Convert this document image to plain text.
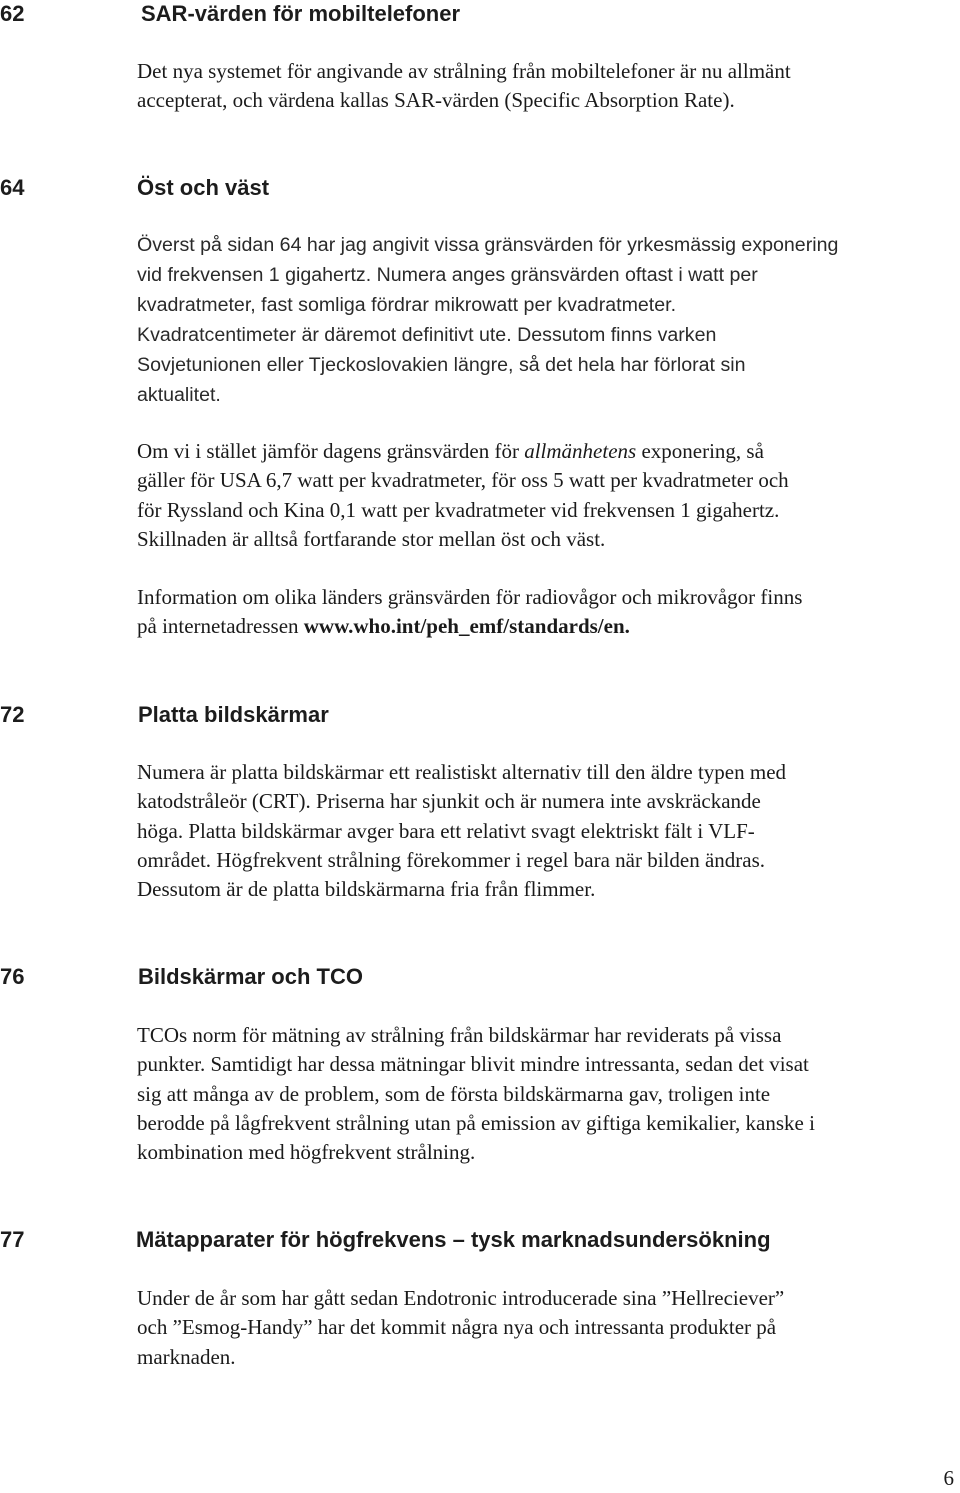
62	SAR-värden för mobiltelefoner

Det nya systemet för angivande av strålning från mobiltelefoner är nu allmänt
accepterat, och värdena kallas SAR-värden (Specific Absorption Rate).

64	Öst och väst

Överst på sidan 64 har jag angivit vissa gränsvärden för yrkesmässig exponering
vid frekvensen 1 gigahertz. Numera anges gränsvärden oftast i watt per
kvadratmeter, fast somliga fördrar mikrowatt per kvadratmeter.
Kvadratcentimeter är däremot definitivt ute. Dessutom finns varken
Sovjetunionen eller Tjeckoslovakien längre, så det hela har förlorat sin
aktualitet.

Om vi i stället jämför dagens gränsvärden för allmänhetens exponering, så
gäller för USA 6,7 watt per kvadratmeter, för oss 5 watt per kvadratmeter och
för Ryssland och Kina 0,1 watt per kvadratmeter vid frekvensen 1 gigahertz.
Skillnaden är alltså fortfarande stor mellan öst och väst.

Information om olika länders gränsvärden för radiovågor och mikrovågor finns
på internetadressen www.who.int/peh_emf/standards/en.

72	Platta bildskärmar

Numera är platta bildskärmar ett realistiskt alternativ till den äldre typen med
katodstråleör (CRT). Priserna har sjunkit och är numera inte avskräckande
höga. Platta bildskärmar avger bara ett relativt svagt elektriskt fält i VLF-
området. Högfrekvent strålning förekommer i regel bara när bilden ändras.
Dessutom är de platta bildskärmarna fria från flimmer.

76	Bildskärmar och TCO

TCOs norm för mätning av strålning från bildskärmar har reviderats på vissa
punkter. Samtidigt har dessa mätningar blivit mindre intressanta, sedan det visat
sig att många av de problem, som de första bildskärmarna gav, troligen inte
berodde på lågfrekvent strålning utan på emission av giftiga kemikalier, kanske i
kombination med högfrekvent strålning.

77	Mätapparater för högfrekvens – tysk marknadsundersökning

Under de år som har gått sedan Endotronic introducerade sina ”Hellreciever”
och ”Esmog-Handy” har det kommit några nya och intressanta produkter på
marknaden.

6
